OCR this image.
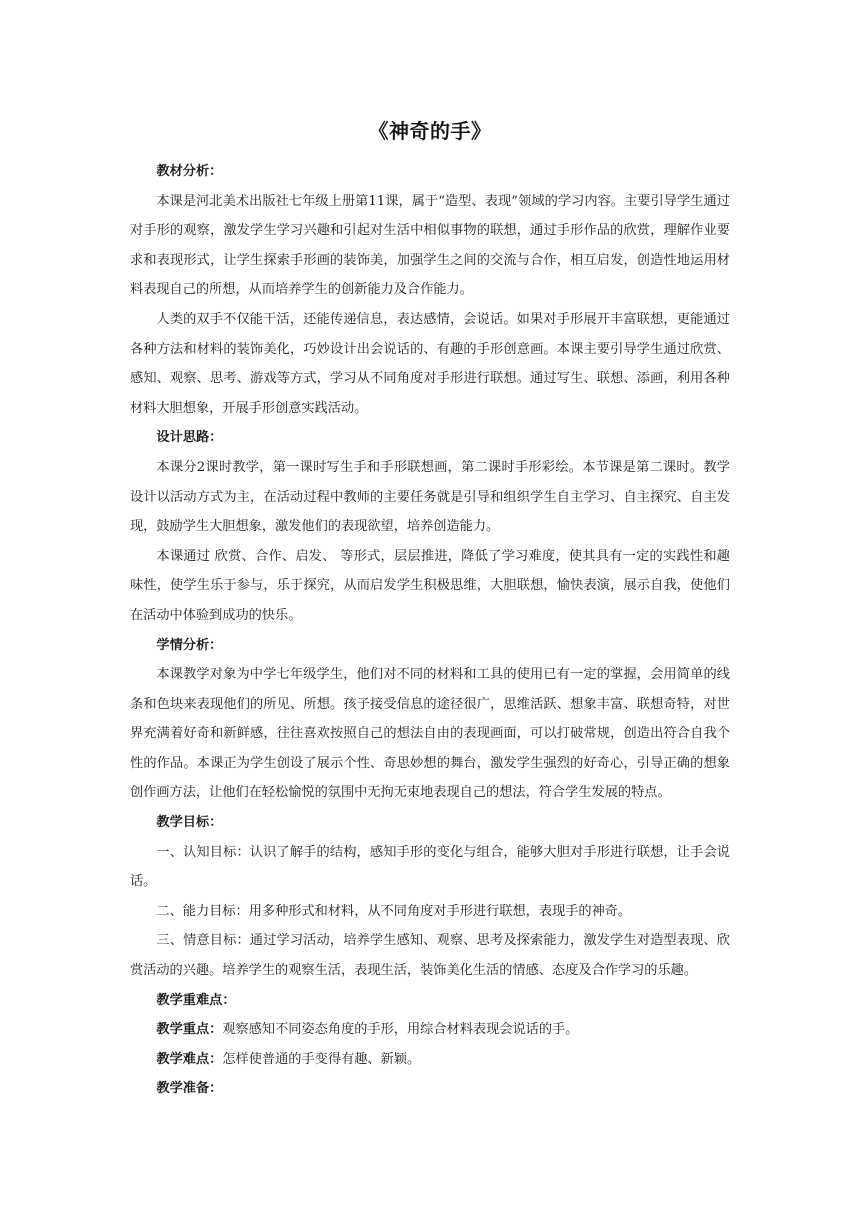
《神奇的手》

教材分析：

本课是河北美术出版社七年级上册第11课，属于“造型、表现”领域的学习内容。主要引导学生通过对手形的观察，激发学生学习兴趣和引起对生活中相似事物的联想，通过手形作品的欣赏，理解作业要求和表现形式，让学生探索手形画的装饰美，加强学生之间的交流与合作，相互启发，创造性地运用材料表现自己的所想，从而培养学生的创新能力及合作能力。

人类的双手不仅能干活，还能传递信息，表达感情，会说话。如果对手形展开丰富联想，更能通过各种方法和材料的装饰美化，巧妙设计出会说话的、有趣的手形创意画。本课主要引导学生通过欣赏、感知、观察、思考、游戏等方式，学习从不同角度对手形进行联想。通过写生、联想、添画，利用各种材料大胆想象，开展手形创意实践活动。

设计思路：

本课分2课时教学，第一课时写生手和手形联想画，第二课时手形彩绘。本节课是第二课时。教学设计以活动方式为主，在活动过程中教师的主要任务就是引导和组织学生自主学习、自主探究、自主发现，鼓励学生大胆想象，激发他们的表现欲望，培养创造能力。

本课通过 欣赏、合作、启发、 等形式，层层推进，降低了学习难度，使其具有一定的实践性和趣味性，使学生乐于参与，乐于探究，从而启发学生积极思维，大胆联想，愉快表演，展示自我，使他们在活动中体验到成功的快乐。

学情分析：

本课教学对象为中学七年级学生，他们对不同的材料和工具的使用已有一定的掌握，会用简单的线条和色块来表现他们的所见、所想。孩子接受信息的途径很广，思维活跃、想象丰富、联想奇特，对世界充满着好奇和新鲜感，往往喜欢按照自己的想法自由的表现画面，可以打破常规，创造出符合自我个性的作品。本课正为学生创设了展示个性、奇思妙想的舞台，激发学生强烈的好奇心，引导正确的想象创作画方法，让他们在轻松愉悦的氛围中无拘无束地表现自己的想法，符合学生发展的特点。

教学目标：

一、认知目标：认识了解手的结构，感知手形的变化与组合，能够大胆对手形进行联想，让手会说话。

二、能力目标：用多种形式和材料，从不同角度对手形进行联想，表现手的神奇。

三、情意目标：通过学习活动，培养学生感知、观察、思考及探索能力，激发学生对造型表现、欣赏活动的兴趣。培养学生的观察生活，表现生活，装饰美化生活的情感、态度及合作学习的乐趣。

教学重难点：

教学重点：观察感知不同姿态角度的手形，用综合材料表现会说话的手。

教学难点：怎样使普通的手变得有趣、新颖。

教学准备：
